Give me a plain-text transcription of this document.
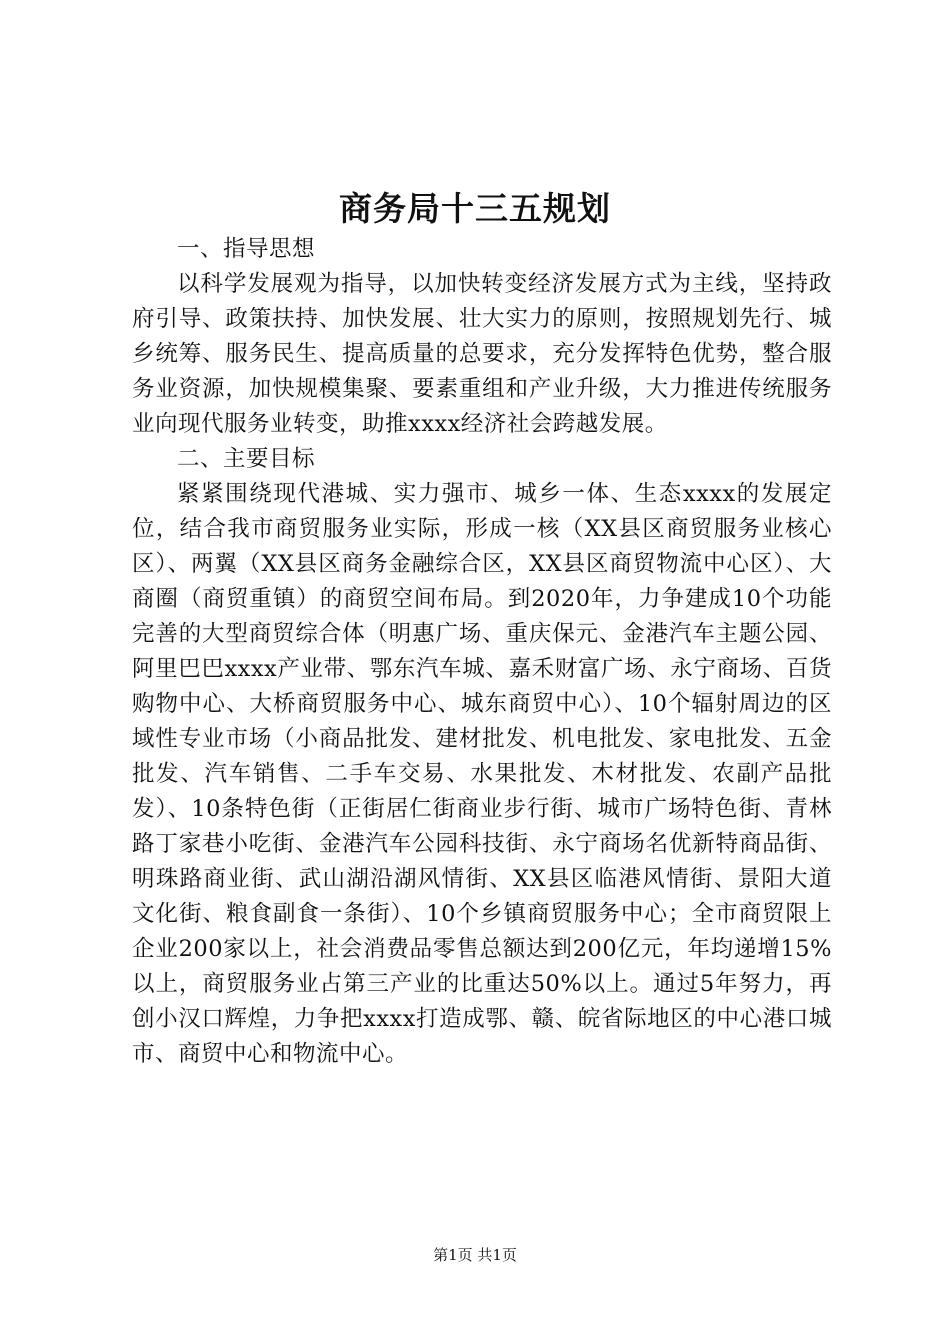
商务局十三五规划

一、指导思想

以科学发展观为指导，以加快转变经济发展方式为主线，坚持政府引导、政策扶持、加快发展、壮大实力的原则，按照规划先行、城乡统筹、服务民生、提高质量的总要求，充分发挥特色优势，整合服务业资源，加快规模集聚、要素重组和产业升级，大力推进传统服务业向现代服务业转变，助推xxxx经济社会跨越发展。

二、主要目标

紧紧围绕现代港城、实力强市、城乡一体、生态xxxx的发展定位，结合我市商贸服务业实际，形成一核（XX县区商贸服务业核心区）、两翼（XX县区商务金融综合区，XX县区商贸物流中心区）、大商圈（商贸重镇）的商贸空间布局。到2020年，力争建成10个功能完善的大型商贸综合体（明惠广场、重庆保元、金港汽车主题公园、阿里巴巴xxxx产业带、鄂东汽车城、嘉禾财富广场、永宁商场、百货购物中心、大桥商贸服务中心、城东商贸中心）、10个辐射周边的区域性专业市场（小商品批发、建材批发、机电批发、家电批发、五金批发、汽车销售、二手车交易、水果批发、木材批发、农副产品批发）、10条特色街（正街居仁街商业步行街、城市广场特色街、青林路丁家巷小吃街、金港汽车公园科技街、永宁商场名优新特商品街、明珠路商业街、武山湖沿湖风情街、XX县区临港风情街、景阳大道文化街、粮食副食一条街）、10个乡镇商贸服务中心；全市商贸限上企业200家以上，社会消费品零售总额达到200亿元，年均递增15%以上，商贸服务业占第三产业的比重达50%以上。通过5年努力，再创小汉口辉煌，力争把xxxx打造成鄂、赣、皖省际地区的中心港口城市、商贸中心和物流中心。

第1页 共1页
